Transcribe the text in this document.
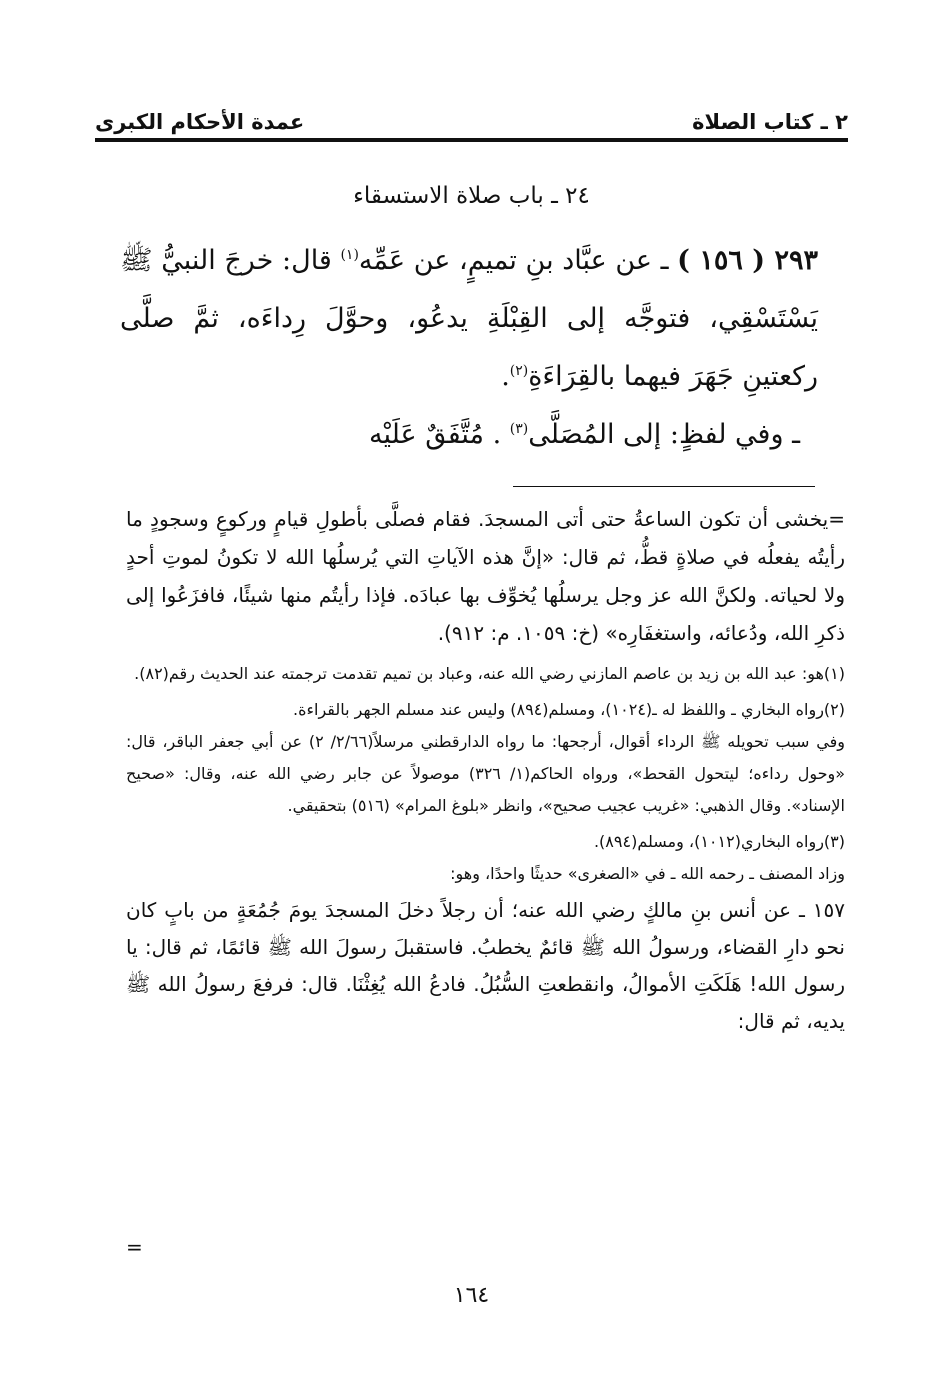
٢ ـ كتاب الصلاة
عمدة الأحكام الكبرى
٢٤ ـ باب صلاة الاستسقاء

٢٩٣ ( ١٥٦ ) ـ عن عبَّاد بنِ تميمٍ، عن عَمِّه$^{(١)}$ قال: خرجَ النبيُّ ﷺ يَسْتَسْقِي، فتوجَّه إلى القِبْلَةِ يدعُو، وحوَّلَ رِداءَه، ثمَّ صلَّى ركعتينِ جَهَرَ فيهما بالقِرَاءَةِ$^{(٢)}$.

ـ وفي لفظٍ: إلى المُصَلَّى$^{(٣)}$ . مُتَّفَقٌ عَلَيْه

=يخشى أن تكون الساعةُ حتى أتى المسجدَ. فقام فصلَّى بأطولِ قيامٍ وركوعٍ وسجودٍ ما رأيتُه يفعلُه في صلاةٍ قطُّ، ثم قال: «إنَّ هذه الآياتِ التي يُرسلُها الله لا تكونُ لموتِ أحدٍ ولا لحياته. ولكنَّ الله عز وجل يرسلُها يُخوِّف بها عبادَه. فإذا رأيتُم منها شيئًا، فافزَعُوا إلى ذكرِ الله، ودُعائه، واستغفَارِه» (خ: ١٠٥٩. م: ٩١٢).

(١)هو: عبد الله بن زيد بن عاصم المازني رضي الله عنه، وعباد بن تميم تقدمت ترجمته عند الحديث رقم(٨٢).

(٢)رواه البخاري ـ واللفظ له ـ(١٠٢٤)، ومسلم(٨٩٤) وليس عند مسلم الجهر بالقراءة.

وفي سبب تحويله ﷺ الرداء أقوال، أرجحها: ما رواه الدارقطني مرسلاً(٢/٦٦/ ٢) عن أبي جعفر الباقر، قال: «وحول رداءه؛ ليتحول القحط»، ورواه الحاكم(١/ ٣٢٦) موصولاً عن جابر رضي الله عنه، وقال: «صحيح الإسناد». وقال الذهبي: «غريب عجيب صحيح»، وانظر «بلوغ المرام» (٥١٦) بتحقيقي.

(٣)رواه البخاري(١٠١٢)، ومسلم(٨٩٤).

وزاد المصنف ـ رحمه الله ـ في «الصغرى» حديثًا واحدًا، وهو:

١٥٧ ـ عن أنس بنِ مالكٍ رضي الله عنه؛ أن رجلاً دخلَ المسجدَ يومَ جُمُعَةٍ من بابٍ كان نحو دارِ القضاء، ورسولُ الله ﷺ قائمٌ يخطبُ. فاستقبلَ رسولَ الله ﷺ قائمًا، ثم قال: يا رسول الله! هَلَكَتِ الأموالُ، وانقطعتِ السُّبُلُ. فادعُ الله يُغِثْنَا. قال: فرفعَ رسولُ الله ﷺ يديه، ثم قال:

=
١٦٤
